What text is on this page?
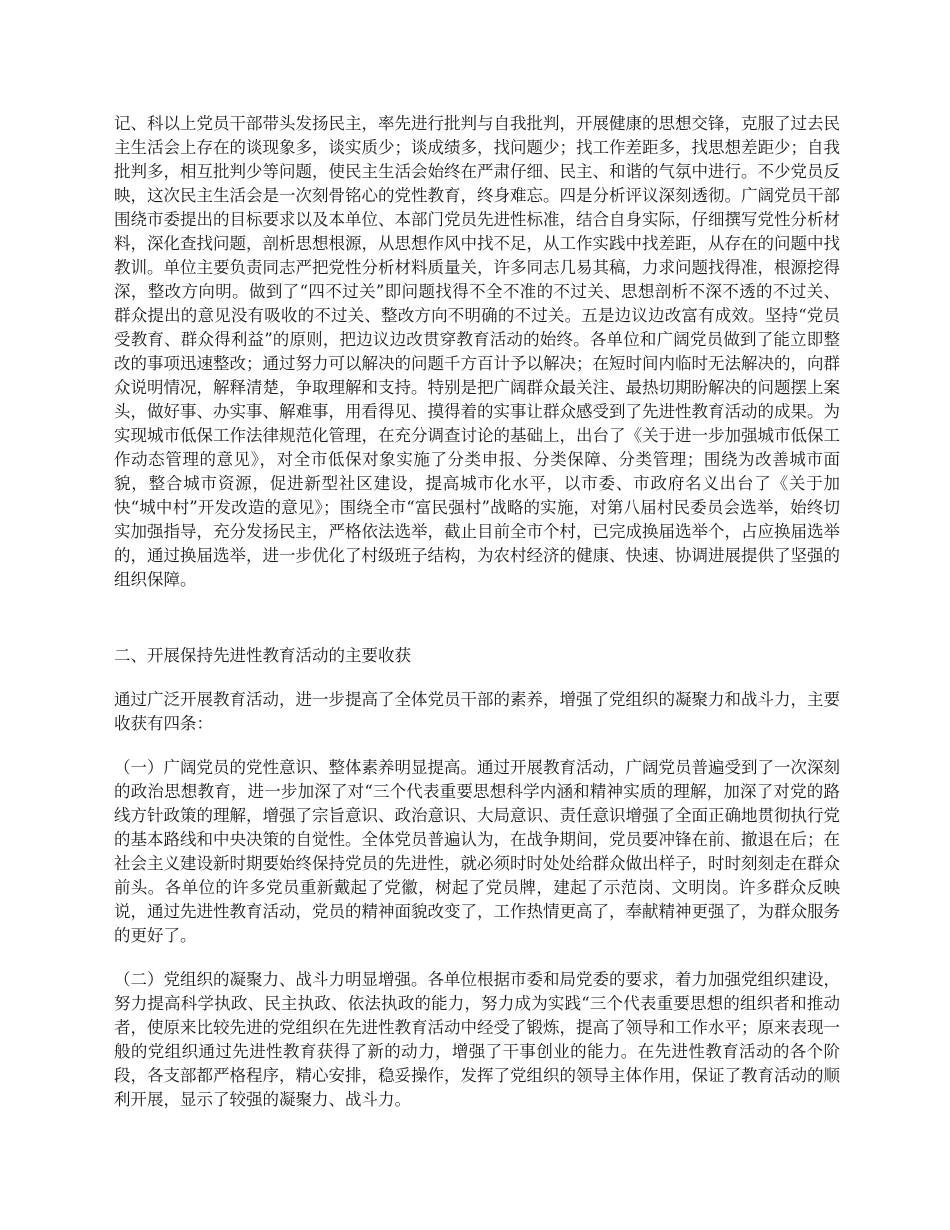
记、科以上党员干部带头发扬民主，率先进行批判与自我批判，开展健康的思想交锋，克服了过去民主生活会上存在的谈现象多，谈实质少；谈成绩多，找问题少；找工作差距多，找思想差距少；自我批判多，相互批判少等问题，使民主生活会始终在严肃仔细、民主、和谐的气氛中进行。不少党员反映，这次民主生活会是一次刻骨铭心的党性教育，终身难忘。四是分析评议深刻透彻。广阔党员干部围绕市委提出的目标要求以及本单位、本部门党员先进性标准，结合自身实际，仔细撰写党性分析材料，深化查找问题，剖析思想根源，从思想作风中找不足，从工作实践中找差距，从存在的问题中找教训。单位主要负责同志严把党性分析材料质量关，许多同志几易其稿，力求问题找得准，根源挖得深，整改方向明。做到了“四不过关”即问题找得不全不准的不过关、思想剖析不深不透的不过关、群众提出的意见没有吸收的不过关、整改方向不明确的不过关。五是边议边改富有成效。坚持“党员受教育、群众得利益”的原则，把边议边改贯穿教育活动的始终。各单位和广阔党员做到了能立即整改的事项迅速整改；通过努力可以解决的问题千方百计予以解决；在短时间内临时无法解决的，向群众说明情况，解释清楚，争取理解和支持。特别是把广阔群众最关注、最热切期盼解决的问题摆上案头，做好事、办实事、解难事，用看得见、摸得着的实事让群众感受到了先进性教育活动的成果。为实现城市低保工作法律规范化管理，在充分调查讨论的基础上，出台了《关于进一步加强城市低保工作动态管理的意见》，对全市低保对象实施了分类申报、分类保障、分类管理；围绕为改善城市面貌，整合城市资源，促进新型社区建设，提高城市化水平，以市委、市政府名义出台了《关于加快“城中村”开发改造的意见》；围绕全市“富民强村”战略的实施，对第八届村民委员会选举，始终切实加强指导，充分发扬民主，严格依法选举，截止目前全市个村，已完成换届选举个，占应换届选举的，通过换届选举，进一步优化了村级班子结构，为农村经济的健康、快速、协调进展提供了坚强的组织保障。

二、开展保持先进性教育活动的主要收获

通过广泛开展教育活动，进一步提高了全体党员干部的素养，增强了党组织的凝聚力和战斗力，主要收获有四条：

（一）广阔党员的党性意识、整体素养明显提高。通过开展教育活动，广阔党员普遍受到了一次深刻的政治思想教育，进一步加深了对“三个代表重要思想科学内涵和精神实质的理解，加深了对党的路线方针政策的理解，增强了宗旨意识、政治意识、大局意识、责任意识增强了全面正确地贯彻执行党的基本路线和中央决策的自觉性。全体党员普遍认为，在战争期间，党员要冲锋在前、撤退在后；在社会主义建设新时期要始终保持党员的先进性，就必须时时处处给群众做出样子，时时刻刻走在群众前头。各单位的许多党员重新戴起了党徽，树起了党员牌，建起了示范岗、文明岗。许多群众反映说，通过先进性教育活动，党员的精神面貌改变了，工作热情更高了，奉献精神更强了，为群众服务的更好了。

（二）党组织的凝聚力、战斗力明显增强。各单位根据市委和局党委的要求，着力加强党组织建设，努力提高科学执政、民主执政、依法执政的能力，努力成为实践“三个代表重要思想的组织者和推动者，使原来比较先进的党组织在先进性教育活动中经受了锻炼，提高了领导和工作水平；原来表现一般的党组织通过先进性教育获得了新的动力，增强了干事创业的能力。在先进性教育活动的各个阶段，各支部都严格程序，精心安排，稳妥操作，发挥了党组织的领导主体作用，保证了教育活动的顺利开展，显示了较强的凝聚力、战斗力。
